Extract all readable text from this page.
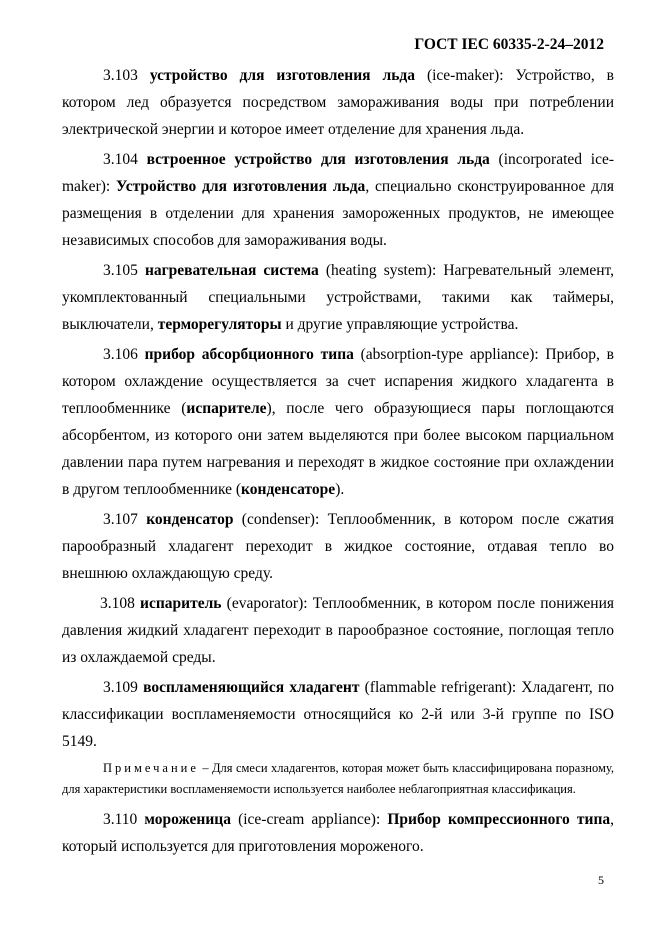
ГОСТ IEC 60335-2-24–2012

3.103 устройство для изготовления льда (ice-maker): Устройство, в котором лед образуется посредством замораживания воды при потреблении электрической энергии и которое имеет отделение для хранения льда.

3.104 встроенное устройство для изготовления льда (incorporated ice-maker): Устройство для изготовления льда, специально сконструированное для размещения в отделении для хранения замороженных продуктов, не имеющее независимых способов для замораживания воды.

3.105 нагревательная система (heating system): Нагревательный элемент, укомплектованный специальными устройствами, такими как таймеры, выключатели, терморегуляторы и другие управляющие устройства.

3.106 прибор абсорбционного типа (absorption-type appliance): Прибор, в котором охлаждение осуществляется за счет испарения жидкого хладагента в теплообменнике (испарителе), после чего образующиеся пары поглощаются абсорбентом, из которого они затем выделяются при более высоком парциальном давлении пара путем нагревания и переходят в жидкое состояние при охлаждении в другом теплообменнике (конденсаторе).

3.107 конденсатор (condenser): Теплообменник, в котором после сжатия парообразный хладагент переходит в жидкое состояние, отдавая тепло во внешнюю охлаждающую среду.

3.108 испаритель (evaporator): Теплообменник, в котором после понижения давления жидкий хладагент переходит в парообразное состояние, поглощая тепло из охлаждаемой среды.

3.109 воспламеняющийся хладагент (flammable refrigerant): Хладагент, по классификации воспламеняемости относящийся ко 2-й или 3-й группе по ISO 5149.

Примечание – Для смеси хладагентов, которая может быть классифицирована поразному, для характеристики воспламеняемости используется наиболее неблагоприятная классификация.

3.110 мороженица (ice-cream appliance): Прибор компрессионного типа, который используется для приготовления мороженого.

5
